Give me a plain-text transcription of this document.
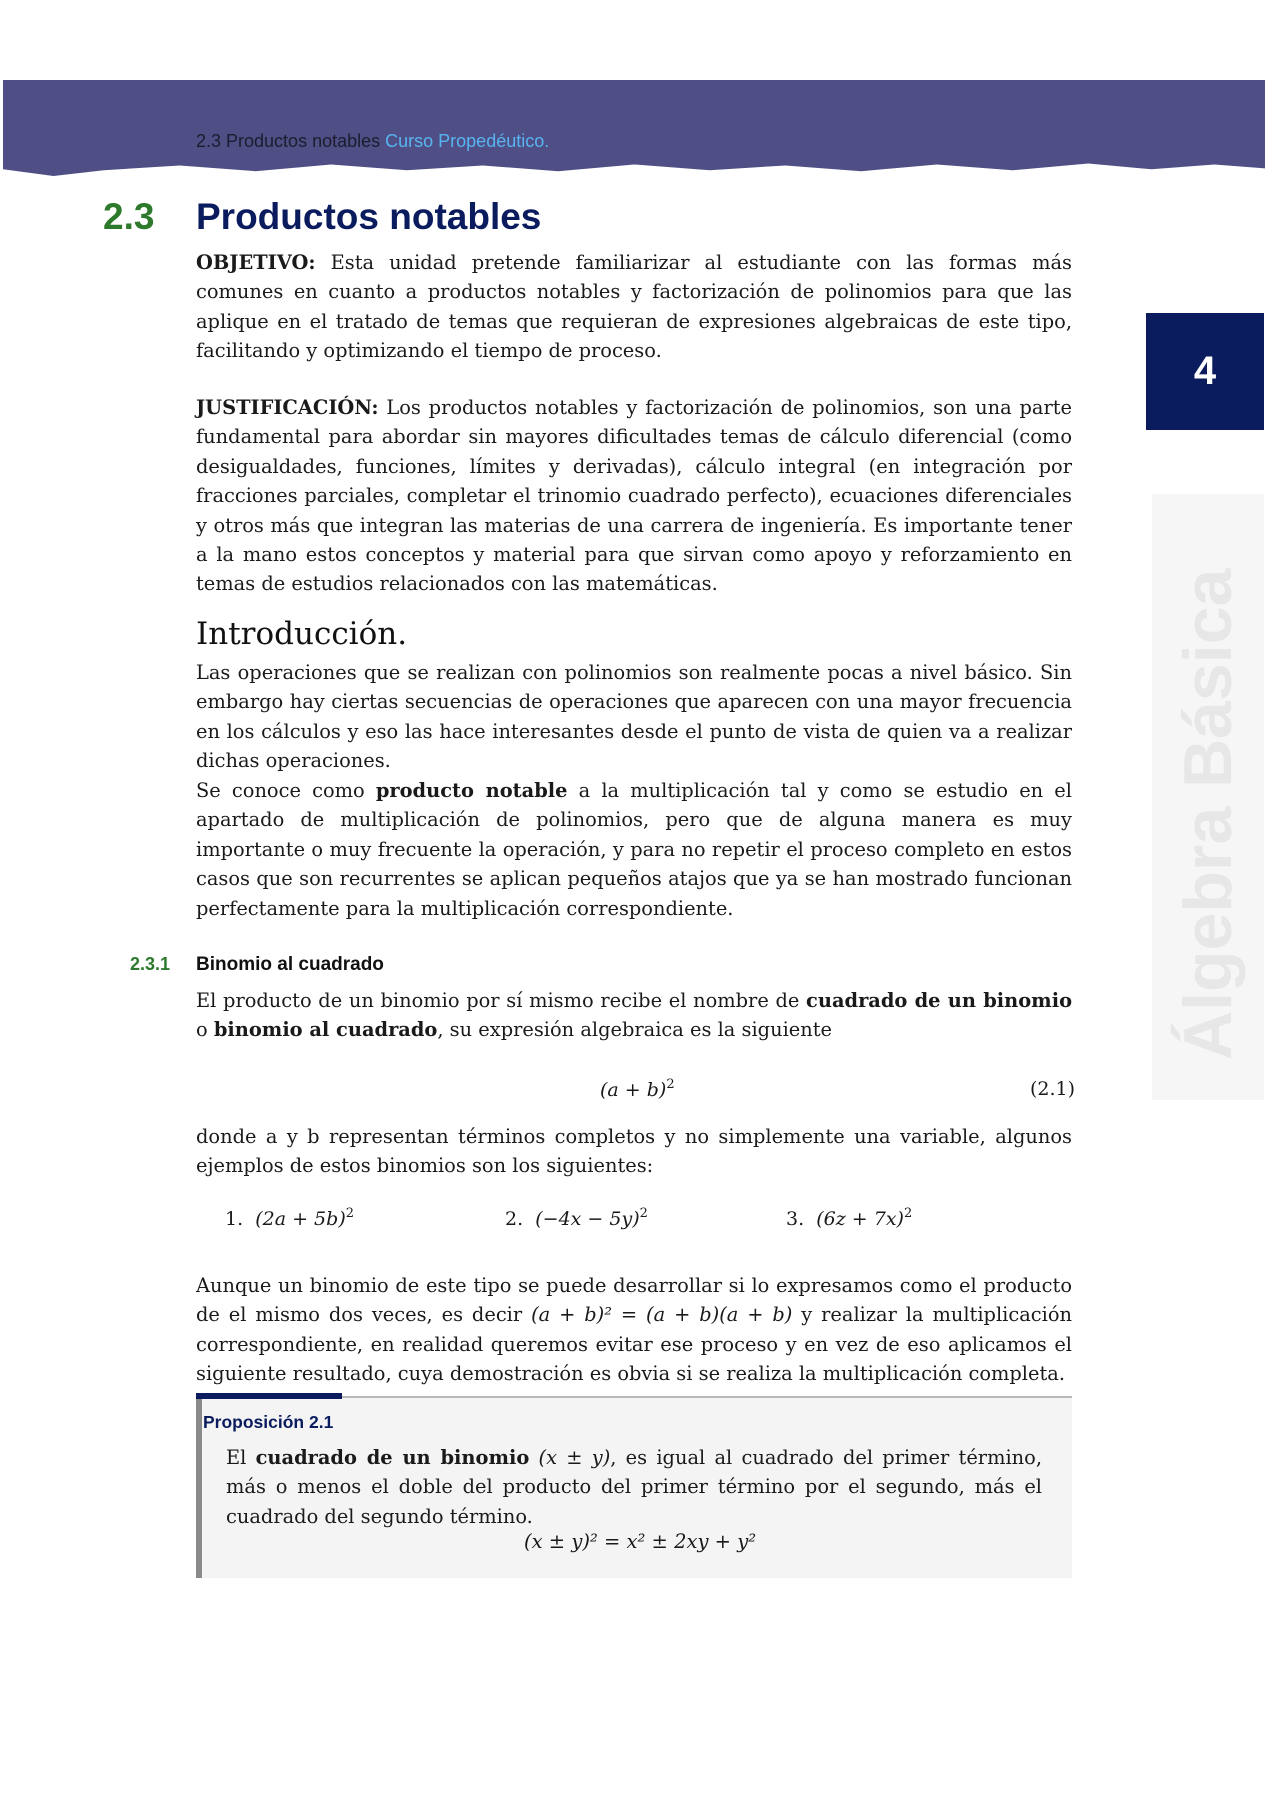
2.3 Productos notables Curso Propedéutico.
4
Álgebra Básica
2.3 Productos notables
OBJETIVO: Esta unidad pretende familiarizar al estudiante con las formas más comunes en cuanto a productos notables y factorización de polinomios para que las aplique en el tratado de temas que requieran de expresiones algebraicas de este tipo, facilitando y optimizando el tiempo de proceso.
JUSTIFICACIÓN: Los productos notables y factorización de polinomios, son una parte fundamental para abordar sin mayores dificultades temas de cálculo diferencial (como desigualdades, funciones, límites y derivadas), cálculo integral (en integración por fracciones parciales, completar el trinomio cuadrado perfecto), ecuaciones diferenciales y otros más que integran las materias de una carrera de ingeniería. Es importante tener a la mano estos conceptos y material para que sirvan como apoyo y reforzamiento en temas de estudios relacionados con las matemáticas.
Introducción.
Las operaciones que se realizan con polinomios son realmente pocas a nivel básico. Sin embargo hay ciertas secuencias de operaciones que aparecen con una mayor frecuencia en los cálculos y eso las hace interesantes desde el punto de vista de quien va a realizar dichas operaciones.
Se conoce como producto notable a la multiplicación tal y como se estudio en el apartado de multiplicación de polinomios, pero que de alguna manera es muy importante o muy frecuente la operación, y para no repetir el proceso completo en estos casos que son recurrentes se aplican pequeños atajos que ya se han mostrado funcionan perfectamente para la multiplicación correspondiente.
2.3.1 Binomio al cuadrado
El producto de un binomio por sí mismo recibe el nombre de cuadrado de un binomio o binomio al cuadrado, su expresión algebraica es la siguiente
$(a + b)^2$	(2.1)
donde a y b representan términos completos y no simplemente una variable, algunos ejemplos de estos binomios son los siguientes:
1. $(2a + 5b)^2$	2. $(-4x - 5y)^2$	3. $(6z + 7x)^2$
Aunque un binomio de este tipo se puede desarrollar si lo expresamos como el producto de el mismo dos veces, es decir (a + b)² = (a + b)(a + b) y realizar la multiplicación correspondiente, en realidad queremos evitar ese proceso y en vez de eso aplicamos el siguiente resultado, cuya demostración es obvia si se realiza la multiplicación completa.
Proposición 2.1
El cuadrado de un binomio (x ± y), es igual al cuadrado del primer término, más o menos el doble del producto del primer término por el segundo, más el cuadrado del segundo término.
(x ± y)² = x² ± 2xy + y²
